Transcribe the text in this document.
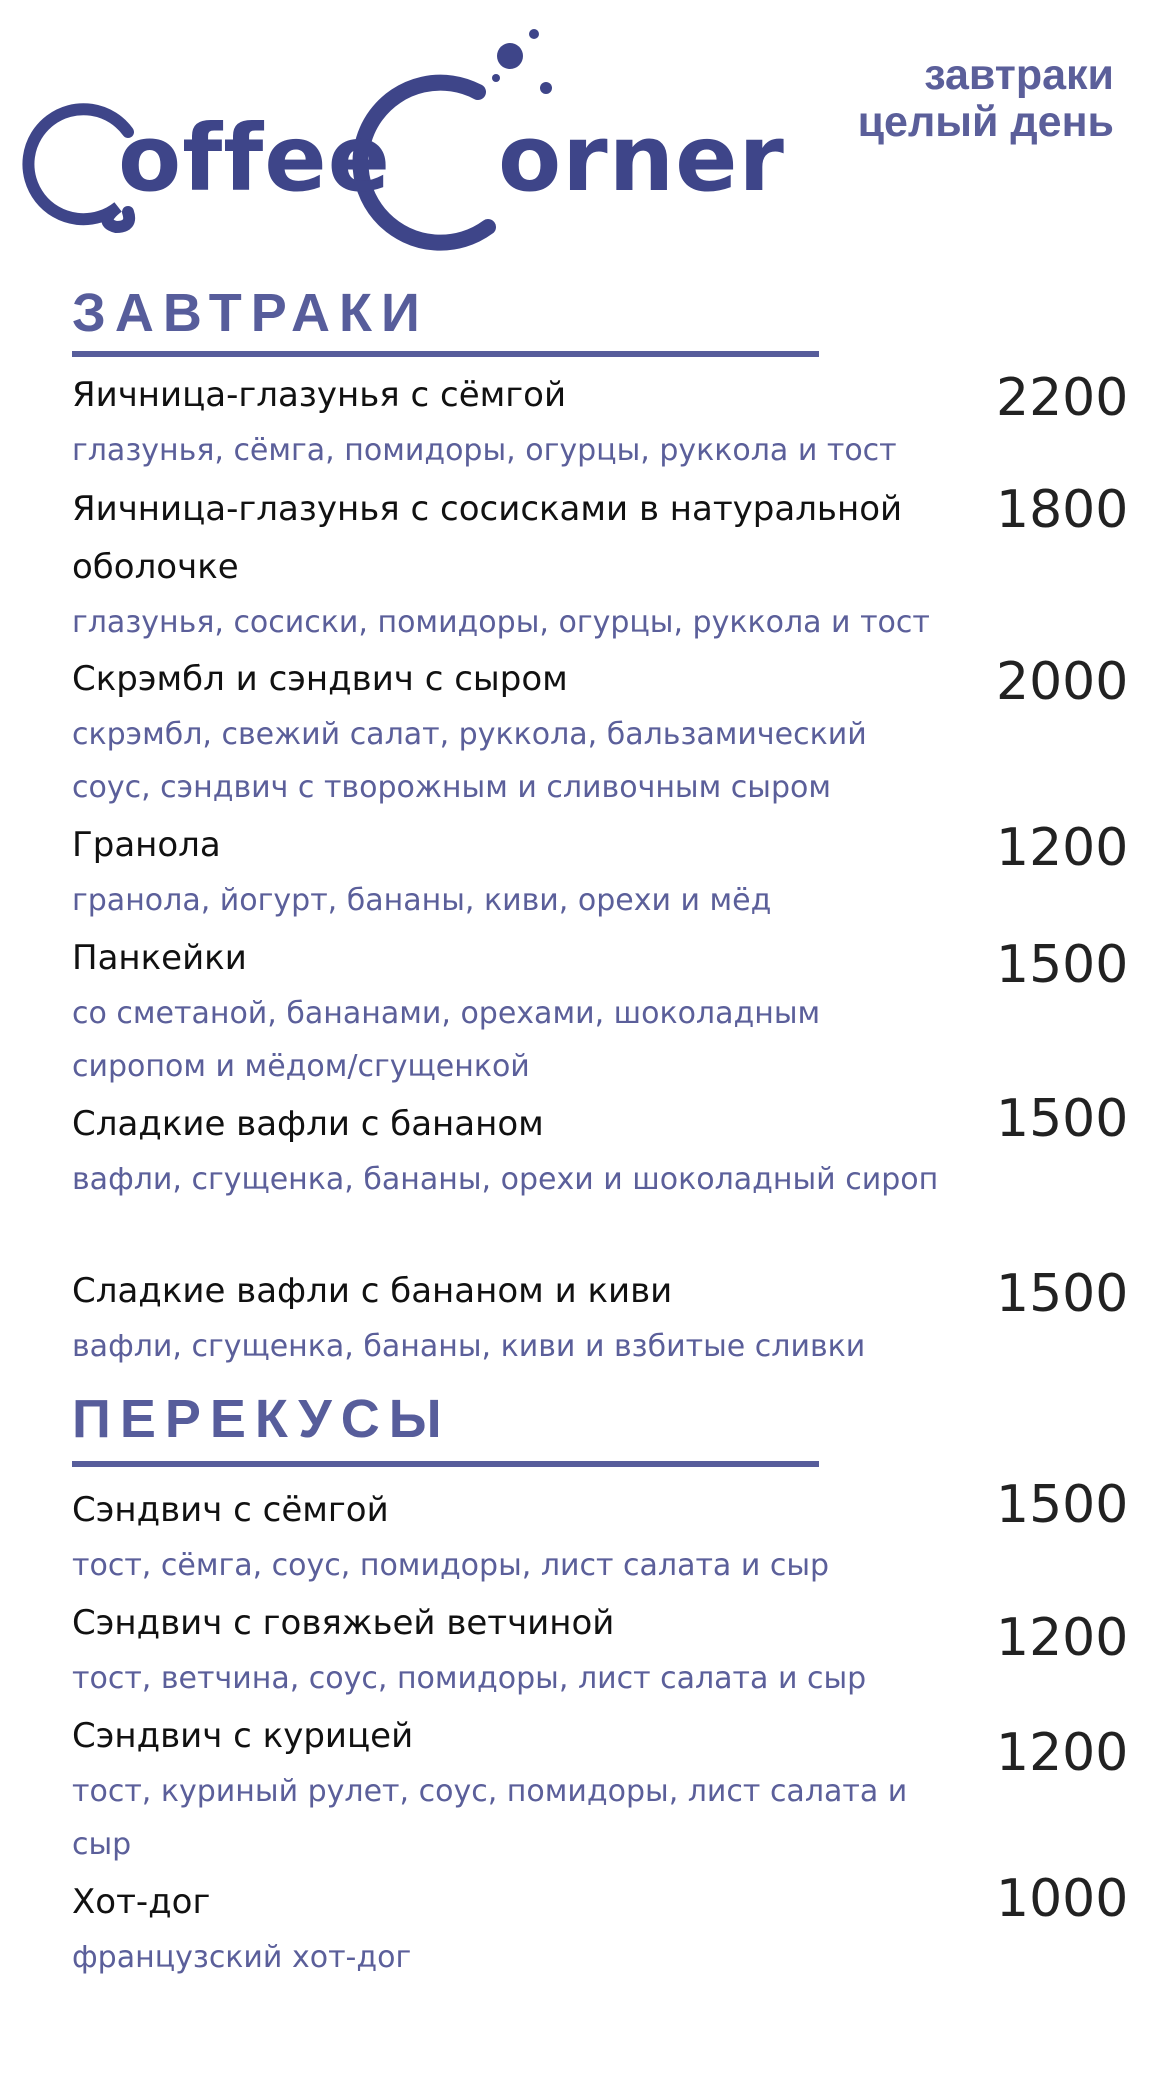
offee orner
завтраки
целый день
ЗАВТРАКИ
Яичница-глазунья с сёмгой
глазунья, сёмга, помидоры, огурцы, руккола и тост
2200
Яичница-глазунья с сосисками в натуральной оболочке
глазунья, сосиски, помидоры, огурцы, руккола и тост
1800
Скрэмбл и сэндвич с сыром
скрэмбл, свежий салат, руккола, бальзамический соус, сэндвич с творожным и сливочным сыром
2000
Гранола
гранола, йогурт, бананы, киви, орехи и мёд
1200
Панкейки
со сметаной, бананами, орехами, шоколадным сиропом и мёдом/сгущенкой
1500
Сладкие вафли с бананом
вафли, сгущенка, бананы, орехи и шоколадный сироп
1500
Сладкие вафли с бананом и киви
вафли, сгущенка, бананы, киви и взбитые сливки
1500
ПЕРЕКУСЫ
Сэндвич с сёмгой
тост, сёмга, соус, помидоры, лист салата и сыр
1500
Сэндвич с говяжьей ветчиной
тост, ветчина, соус, помидоры, лист салата и сыр
1200
Сэндвич с курицей
тост, куриный рулет, соус, помидоры, лист салата и сыр
1200
Хот-дог
французский хот-дог
1000
